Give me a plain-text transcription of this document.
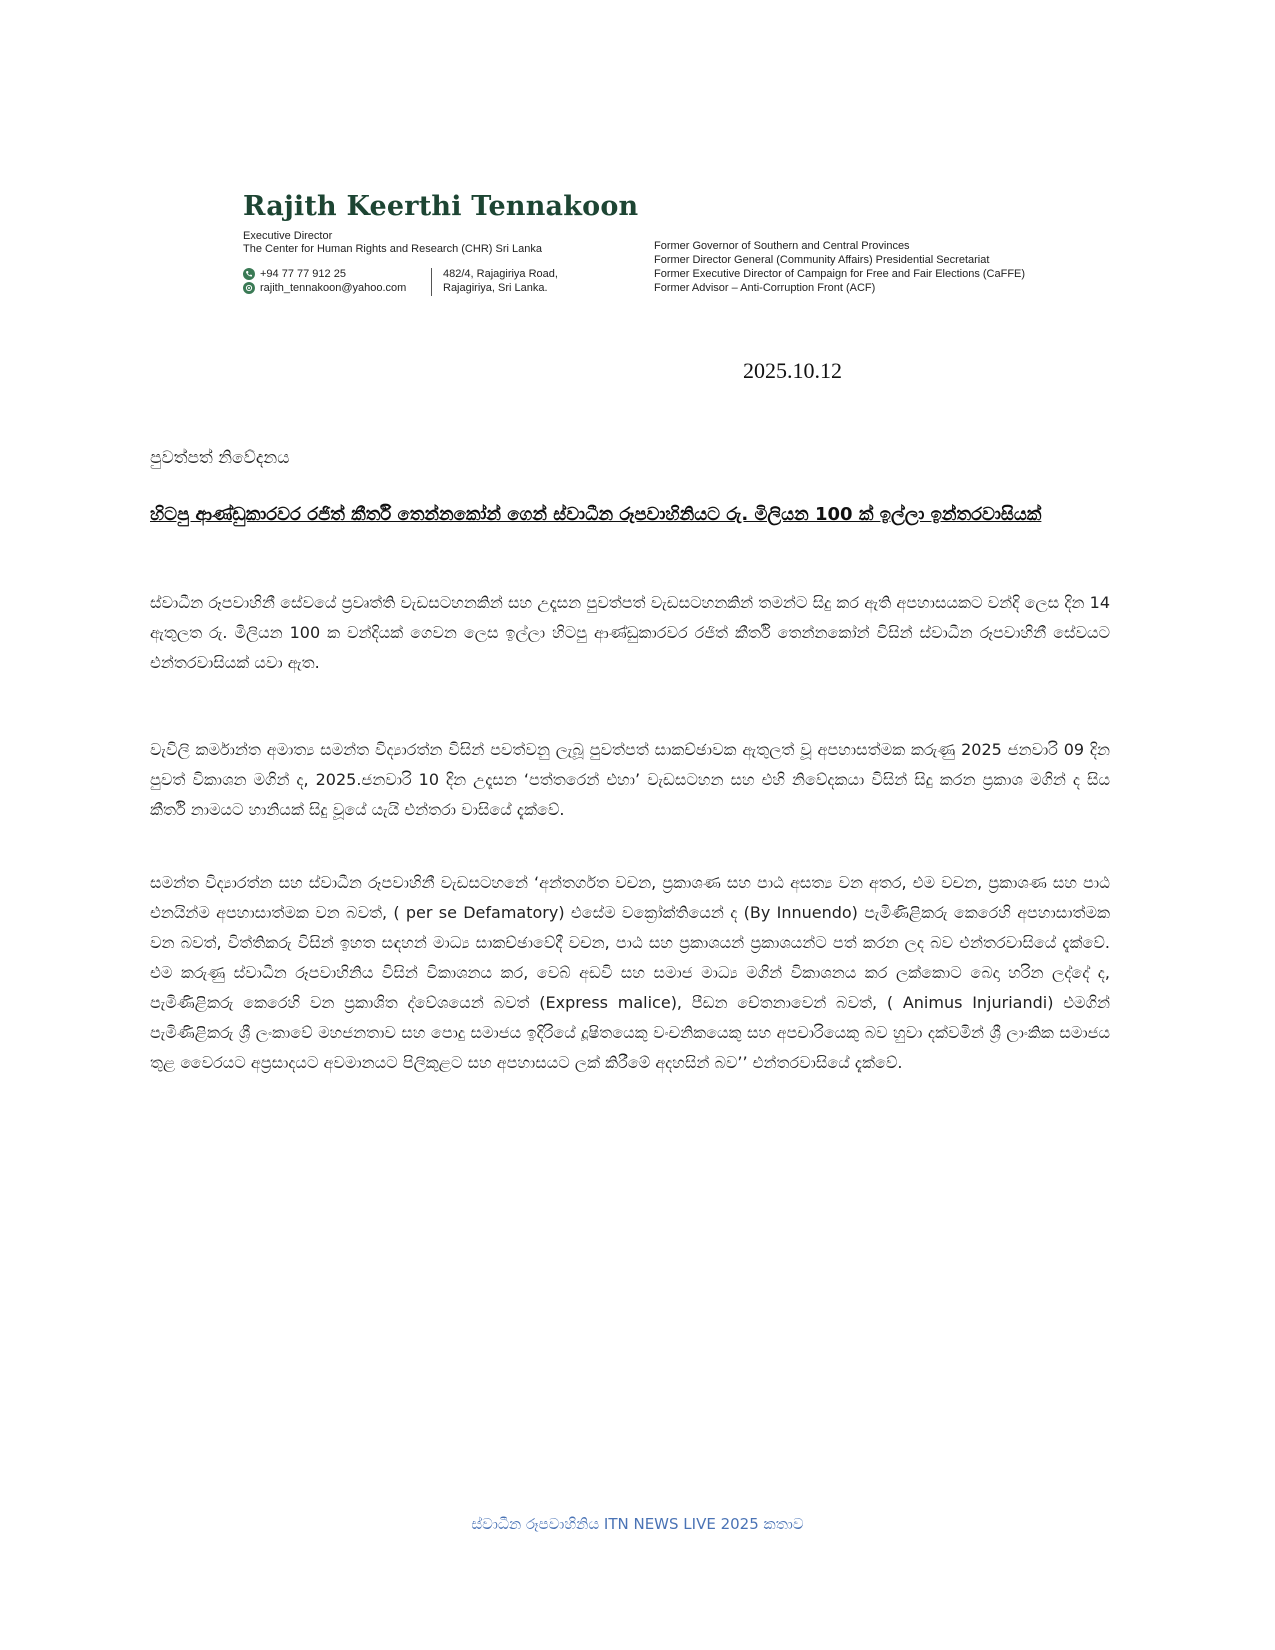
Rajith Keerthi Tennakoon
Executive Director
The Center for Human Rights and Research (CHR) Sri Lanka
+94 77 77 912 25
rajith_tennakoon@yahoo.com
482/4, Rajagiriya Road,
Rajagiriya, Sri Lanka.
Former Governor of Southern and Central Provinces
Former Director General (Community Affairs) Presidential Secretariat
Former Executive Director of Campaign for Free and Fair Elections (CaFFE)
Former Advisor – Anti-Corruption Front (ACF)
2025.10.12
පුවත්පත් නිවේදනය
හිටපු ආණ්ඩුකාරවර රජිත් කීර්ති තෙන්නකෝන් ගෙන් ස්වාධීන රූපවාහිනියට රු. මිලියන 100 ක් ඉල්ලා ඉන්තරවාසියක්

ස්වාධීන රූපවාහිනී සේවයේ ප්‍රවෘත්ති වැඩසටහනකින් සහ උදෑසන පුවත්පත් වැඩසටහනකින් තමන්ට සිදු කර ඇති අපහාසයකට වන්දි ලෙස දින 14 ඇතුලත රු. මිලියන 100 ක වන්දියක් ගෙවන ලෙස ඉල්ලා හිටපු ආණ්ඩුකාරවර රජිත් කීර්ති තෙන්නකෝන් විසින් ස්වාධීන රූපවාහිනී සේවයට එන්තරවාසියක් යවා ඇත.

වැවිලි කර්මාන්ත අමාත්‍ය සමන්ත විද්‍යාරත්න විසින් පවත්වනු ලැබූ පුවත්පත් සාකච්ඡාවක ඇතුලත් වූ අපහාසත්මක කරුණු 2025 ජනවාරි 09 දින පුවත් විකාශන මගින් ද, 2025.ජනවාරි 10 දින උදෑසන ‘පත්තරෙන් එහා’ වැඩසටහන සහ එහි නිවේදකයා විසින් සිදු කරන ප්‍රකාශ මගින් ද සිය කීර්ති නාමයට හානියක් සිදු වූයේ යැයි එන්තරා වාසියේ දැක්වේ.

සමන්ත විද්‍යාරත්න සහ ස්වාධීන රූපවාහිනී වැඩසටහනේ ‘අන්තර්ගත වචන, ප්‍රකාශණ සහ පාඨ අසත්‍ය වන අතර, එම වචන, ප්‍රකාශණ සහ පාඨ එනයින්ම අපහාසාත්මක වන බවත්, ( per se Defamatory) එසේම වක්‍රෝක්තියෙන් ද (By Innuendo) පැමිණිළිකරු කෙරෙහි අපහාසාත්මක වන බවත්, විත්තිකරු විසින් ඉහත සඳහන් මාධ්‍ය සාකච්ඡාවේදී වචන, පාඨ සහ ප්‍රකාශයන් ප්‍රකාශයන්ට පත් කරන ලද බව එන්තරවාසියේ දැක්වේ. එම කරුණු ස්වාධීන රූපවාහිනිය විසින් විකාශනය කර, වෙබ් අඩවි සහ සමාජ මාධ්‍ය මගින් විකාශනය කර ලක්කොට බෙදා හරින ලද්දේ ද, පැමිණිළිකරු කෙරෙහි වන ප්‍රකාශිත ද්වේශයෙන් බවත් (Express malice), පීඩන චේතනාවෙන් බවත්, ( Animus Injuriandi) එමගින් පැමිණිළිකරු ශ්‍රී ලංකාවේ මහජනතාව සහ පොදු සමාජය ඉදිරියේ දූෂිතයෙකු වංචනිකයෙකු සහ අපචාරියෙකු බව හුවා දක්වමින් ශ්‍රී ලාංකික සමාජය තුළ වෛරයට අප්‍රසාදයට අවමානයට පිලිකුළට සහ අපහාසයට ලක් කිරීමේ අදහසින් බව’’ එන්තරවාසියේ දැක්වේ.

ස්වාධීන රූපවාහිනිය ITN NEWS LIVE 2025 කතාව
